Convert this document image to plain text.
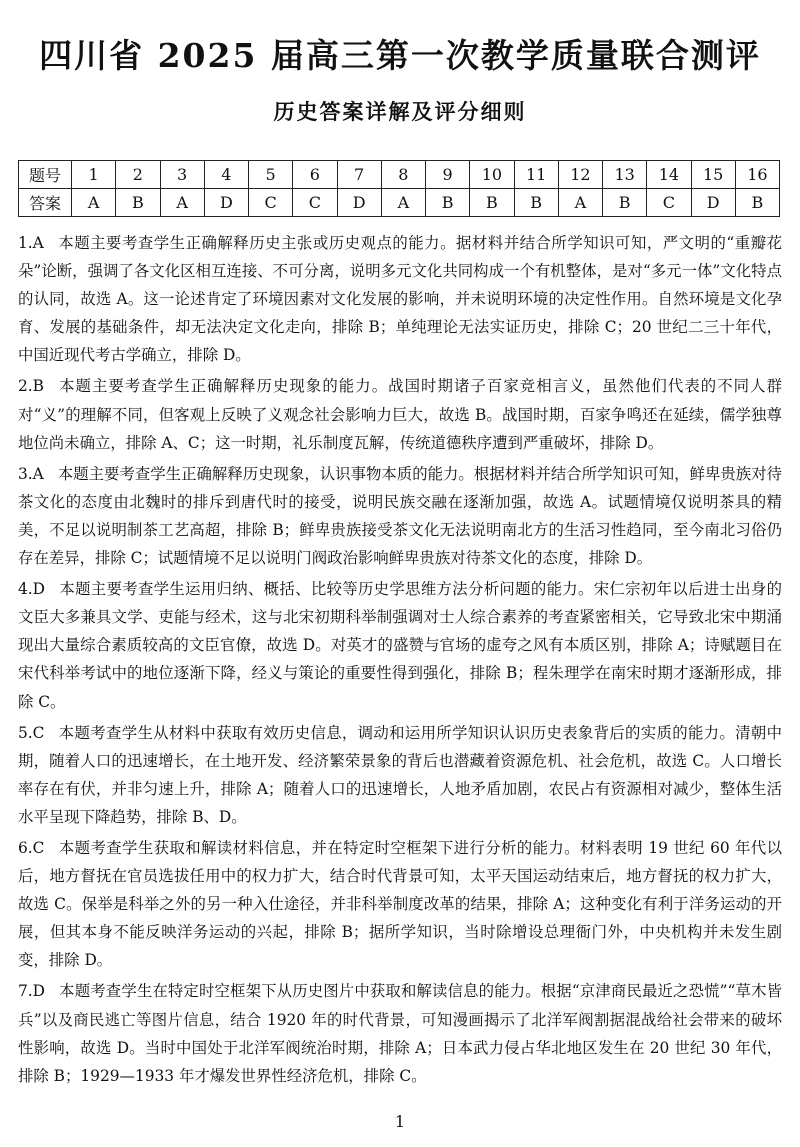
四川省 2025 届高三第一次教学质量联合测评
历史答案详解及评分细则
题号	1	2	3	4	5	6	7	8	9	10	11	12	13	14	15	16
答案	A	B	A	D	C	C	D	A	B	B	B	A	B	C	D	B

1.A 本题主要考查学生正确解释历史主张或历史观点的能力。据材料并结合所学知识可知，严文明的“重瓣花朵”论断，强调了各文化区相互连接、不可分离，说明多元文化共同构成一个有机整体，是对“多元一体”文化特点的认同，故选 A。这一论述肯定了环境因素对文化发展的影响，并未说明环境的决定性作用。自然环境是文化孕育、发展的基础条件，却无法决定文化走向，排除 B；单纯理论无法实证历史，排除 C；20 世纪二三十年代，中国近现代考古学确立，排除 D。

2.B 本题主要考查学生正确解释历史现象的能力。战国时期诸子百家竞相言义，虽然他们代表的不同人群对“义”的理解不同，但客观上反映了义观念社会影响力巨大，故选 B。战国时期，百家争鸣还在延续，儒学独尊地位尚未确立，排除 A、C；这一时期，礼乐制度瓦解，传统道德秩序遭到严重破坏，排除 D。

3.A 本题主要考查学生正确解释历史现象，认识事物本质的能力。根据材料并结合所学知识可知，鲜卑贵族对待茶文化的态度由北魏时的排斥到唐代时的接受，说明民族交融在逐渐加强，故选 A。试题情境仅说明茶具的精美，不足以说明制茶工艺高超，排除 B；鲜卑贵族接受茶文化无法说明南北方的生活习性趋同，至今南北习俗仍存在差异，排除 C；试题情境不足以说明门阀政治影响鲜卑贵族对待茶文化的态度，排除 D。

4.D 本题主要考查学生运用归纳、概括、比较等历史学思维方法分析问题的能力。宋仁宗初年以后进士出身的文臣大多兼具文学、吏能与经术，这与北宋初期科举制强调对士人综合素养的考查紧密相关，它导致北宋中期涌现出大量综合素质较高的文臣官僚，故选 D。对英才的盛赞与官场的虚夸之风有本质区别，排除 A；诗赋题目在宋代科举考试中的地位逐渐下降，经义与策论的重要性得到强化，排除 B；程朱理学在南宋时期才逐渐形成，排除 C。

5.C 本题考查学生从材料中获取有效历史信息，调动和运用所学知识认识历史表象背后的实质的能力。清朝中期，随着人口的迅速增长，在土地开发、经济繁荣景象的背后也潜藏着资源危机、社会危机，故选 C。人口增长率存在有伏，并非匀速上升，排除 A；随着人口的迅速增长，人地矛盾加剧，农民占有资源相对减少，整体生活水平呈现下降趋势，排除 B、D。

6.C 本题考查学生获取和解读材料信息，并在特定时空框架下进行分析的能力。材料表明 19 世纪 60 年代以后，地方督抚在官员选拔任用中的权力扩大，结合时代背景可知，太平天国运动结束后，地方督抚的权力扩大，故选 C。保举是科举之外的另一种入仕途径，并非科举制度改革的结果，排除 A；这种变化有利于洋务运动的开展，但其本身不能反映洋务运动的兴起，排除 B；据所学知识，当时除增设总理衙门外，中央机构并未发生剧变，排除 D。

7.D 本题考查学生在特定时空框架下从历史图片中获取和解读信息的能力。根据“京津商民最近之恐慌”“草木皆兵”以及商民逃亡等图片信息，结合 1920 年的时代背景，可知漫画揭示了北洋军阀割据混战给社会带来的破坏性影响，故选 D。当时中国处于北洋军阀统治时期，排除 A；日本武力侵占华北地区发生在 20 世纪 30 年代，排除 B；1929—1933 年才爆发世界性经济危机，排除 C。

1
